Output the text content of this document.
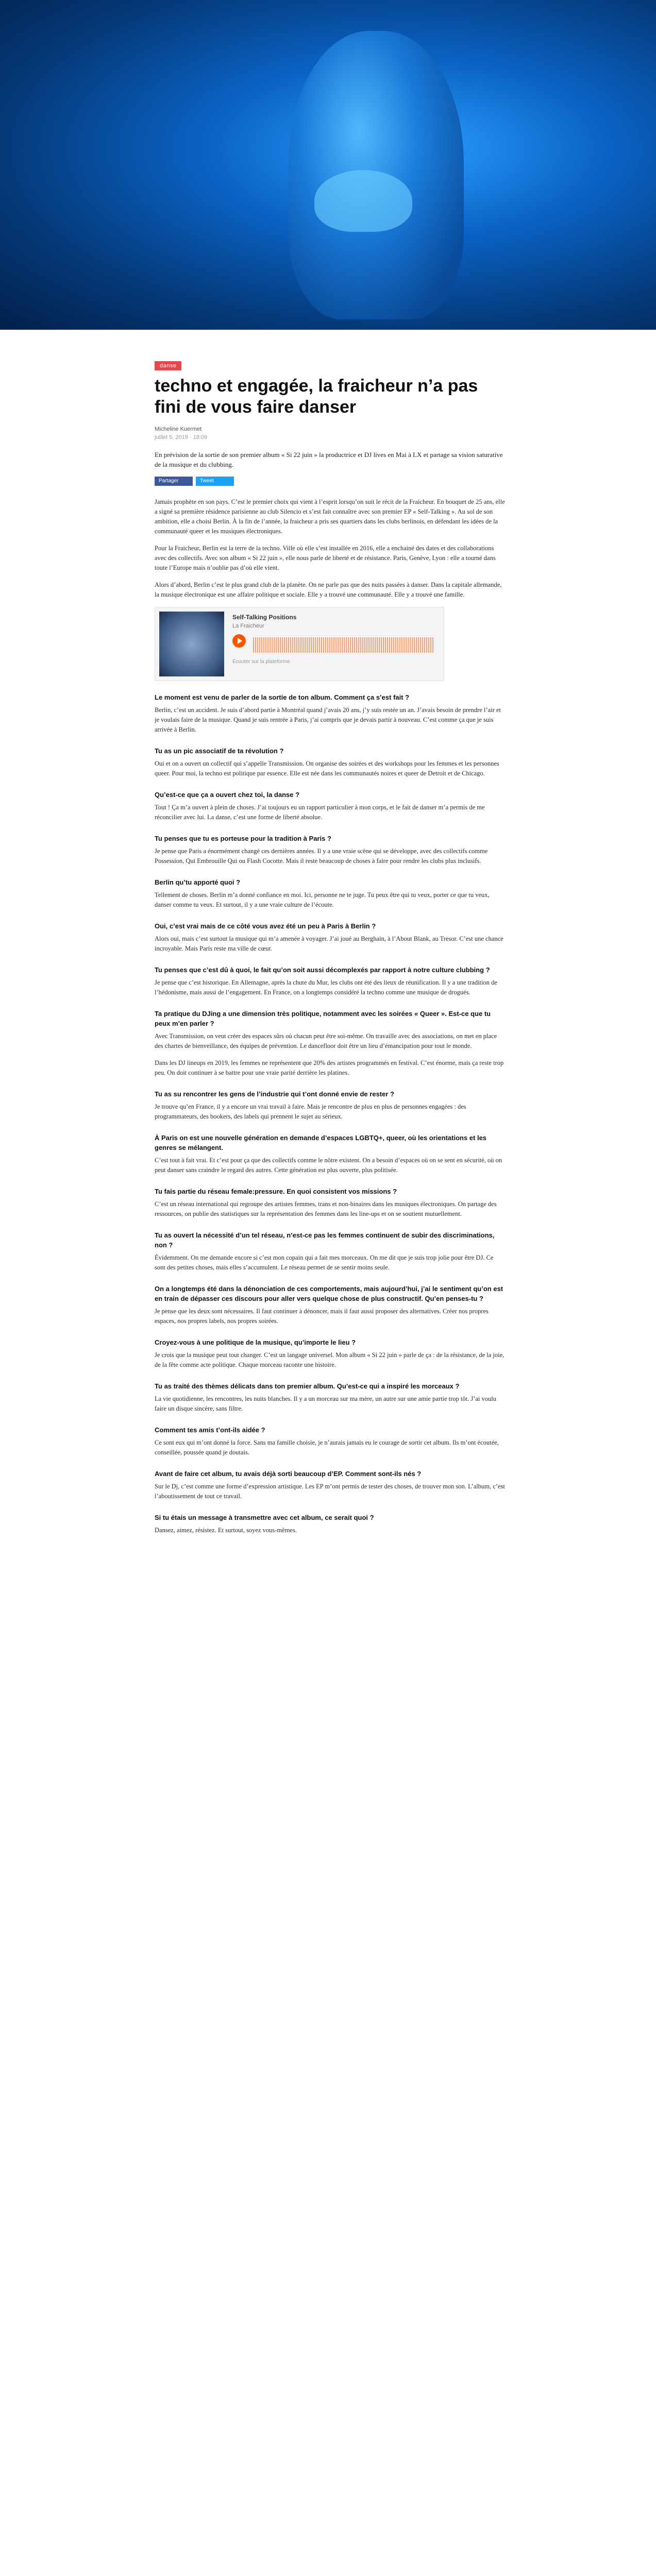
danse
techno et engagée, la fraicheur n’a pas fini de vous faire danser
Micheline Kuermet
juillet 5, 2019 · 18:09
En prévision de la sortie de son premier album « Si 22 juin » la productrice et DJ lives en Mai à LX et partage sa vision saturative de la musique et du clubbing.
Partager	Tweet

Jamais prophète en son pays. C’est le premier choix qui vient à l’esprit lorsqu’on suit le récit de la Fraicheur. En bouquet de 25 ans, elle a signé sa première résidence parisienne au club Silencio et s’est fait connaître avec son premier EP « Self-Talking ». Au sol de son ambition, elle a choisi Berlin. À la fin de l’année, la fraicheur a pris ses quartiers dans les clubs berlinois, en défendant les idées de la communauté queer et les musiques électroniques.

Pour la Fraicheur, Berlin est la terre de la techno. Ville où elle s’est installée en 2016, elle a enchainé des dates et des collaborations avec des collectifs. Avec son album « Si 22 juin », elle nous parle de liberté et de résistance. Paris, Genève, Lyon : elle a tourné dans toute l’Europe mais n’oublie pas d’où elle vient.

Alors d’abord, Berlin c’est le plus grand club de la planète. On ne parle pas que des nuits passées à danser. Dans la capitale allemande, la musique électronique est une affaire politique et sociale. Elle y a trouvé une communauté. Elle y a trouvé une famille.

Self-Talking Positions
La Fraicheur
Écouter sur la plateforme
Le moment est venu de parler de la sortie de ton album. Comment ça s’est fait ?

Berlin, c’est un accident. Je suis d’abord partie à Montréal quand j’avais 20 ans, j’y suis restée un an. J’avais besoin de prendre l’air et je voulais faire de la musique. Quand je suis rentrée à Paris, j’ai compris que je devais partir à nouveau. C’est comme ça que je suis arrivée à Berlin.

Tu as un pic associatif de ta révolution ?

Oui et on a ouvert un collectif qui s’appelle Transmission. On organise des soirées et des workshops pour les femmes et les personnes queer. Pour moi, la techno est politique par essence. Elle est née dans les communautés noires et queer de Detroit et de Chicago.

Qu’est-ce que ça a ouvert chez toi, la danse ?

Tout ! Ça m’a ouvert à plein de choses. J’ai toujours eu un rapport particulier à mon corps, et le fait de danser m’a permis de me réconcilier avec lui. La danse, c’est une forme de liberté absolue.

Tu penses que tu es porteuse pour la tradition à Paris ?

Je pense que Paris a énormément changé ces dernières années. Il y a une vraie scène qui se développe, avec des collectifs comme Possession, Qui Embrouille Qui ou Flash Cocotte. Mais il reste beaucoup de choses à faire pour rendre les clubs plus inclusifs.

Berlin qu’tu apporté quoi ?

Tellement de choses. Berlin m’a donné confiance en moi. Ici, personne ne te juge. Tu peux être qui tu veux, porter ce que tu veux, danser comme tu veux. Et surtout, il y a une vraie culture de l’écoute.

Oui, c’est vrai mais de ce côté vous avez été un peu à Paris à Berlin ?

Alors oui, mais c’est surtout la musique qui m’a amenée à voyager. J’ai joué au Berghain, à l’About Blank, au Tresor. C’est une chance incroyable. Mais Paris reste ma ville de cœur.

Tu penses que c’est dû à quoi, le fait qu’on soit aussi décomplexés par rapport à notre culture clubbing ?

Je pense que c’est historique. En Allemagne, après la chute du Mur, les clubs ont été des lieux de réunification. Il y a une tradition de l’hédonisme, mais aussi de l’engagement. En France, on a longtemps considéré la techno comme une musique de drogués.

Ta pratique du DJing a une dimension très politique, notamment avec les soirées « Queer ». Est-ce que tu peux m’en parler ?

Avec Transmission, on veut créer des espaces sûrs où chacun peut être soi-même. On travaille avec des associations, on met en place des chartes de bienveillance, des équipes de prévention. Le dancefloor doit être un lieu d’émancipation pour tout le monde.

Dans les DJ lineups en 2019, les femmes ne représentent que 20% des artistes programmés en festival. C’est énorme, mais ça reste trop peu. On doit continuer à se battre pour une vraie parité derrière les platines.

Tu as su rencontrer les gens de l’industrie qui t’ont donné envie de rester ?

Je trouve qu’en France, il y a encore un vrai travail à faire. Mais je rencontre de plus en plus de personnes engagées : des programmateurs, des bookers, des labels qui prennent le sujet au sérieux.

À Paris on est une nouvelle génération en demande d’espaces LGBTQ+, queer, où les orientations et les genres se mélangent.

C’est tout à fait vrai. Et c’est pour ça que des collectifs comme le nôtre existent. On a besoin d’espaces où on se sent en sécurité, où on peut danser sans craindre le regard des autres. Cette génération est plus ouverte, plus politisée.

Tu fais partie du réseau female:pressure. En quoi consistent vos missions ?

C’est un réseau international qui regroupe des artistes femmes, trans et non-binaires dans les musiques électroniques. On partage des ressources, on publie des statistiques sur la représentation des femmes dans les line-ups et on se soutient mutuellement.

Tu as ouvert la nécessité d’un tel réseau, n’est-ce pas les femmes continuent de subir des discriminations, non ?

Évidemment. On me demande encore si c’est mon copain qui a fait mes morceaux. On me dit que je suis trop jolie pour être DJ. Ce sont des petites choses, mais elles s’accumulent. Le réseau permet de se sentir moins seule.

On a longtemps été dans la dénonciation de ces comportements, mais aujourd’hui, j’ai le sentiment qu’on est en train de dépasser ces discours pour aller vers quelque chose de plus constructif. Qu’en penses-tu ?

Je pense que les deux sont nécessaires. Il faut continuer à dénoncer, mais il faut aussi proposer des alternatives. Créer nos propres espaces, nos propres labels, nos propres soirées.

Croyez-vous à une politique de la musique, qu’importe le lieu ?

Je crois que la musique peut tout changer. C’est un langage universel. Mon album « Si 22 juin » parle de ça : de la résistance, de la joie, de la fête comme acte politique. Chaque morceau raconte une histoire.

Tu as traité des thèmes délicats dans ton premier album. Qu’est-ce qui a inspiré les morceaux ?

La vie quotidienne, les rencontres, les nuits blanches. Il y a un morceau sur ma mère, un autre sur une amie partie trop tôt. J’ai voulu faire un disque sincère, sans filtre.

Comment tes amis t’ont-ils aidée ?

Ce sont eux qui m’ont donné la force. Sans ma famille choisie, je n’aurais jamais eu le courage de sortir cet album. Ils m’ont écoutée, conseillée, poussée quand je doutais.

Avant de faire cet album, tu avais déjà sorti beaucoup d’EP. Comment sont-ils nés ?

Sur le Dj, c’est comme une forme d’expression artistique. Les EP m’ont permis de tester des choses, de trouver mon son. L’album, c’est l’aboutissement de tout ce travail.

Si tu étais un message à transmettre avec cet album, ce serait quoi ?

Dansez, aimez, résistez. Et surtout, soyez vous-mêmes.
